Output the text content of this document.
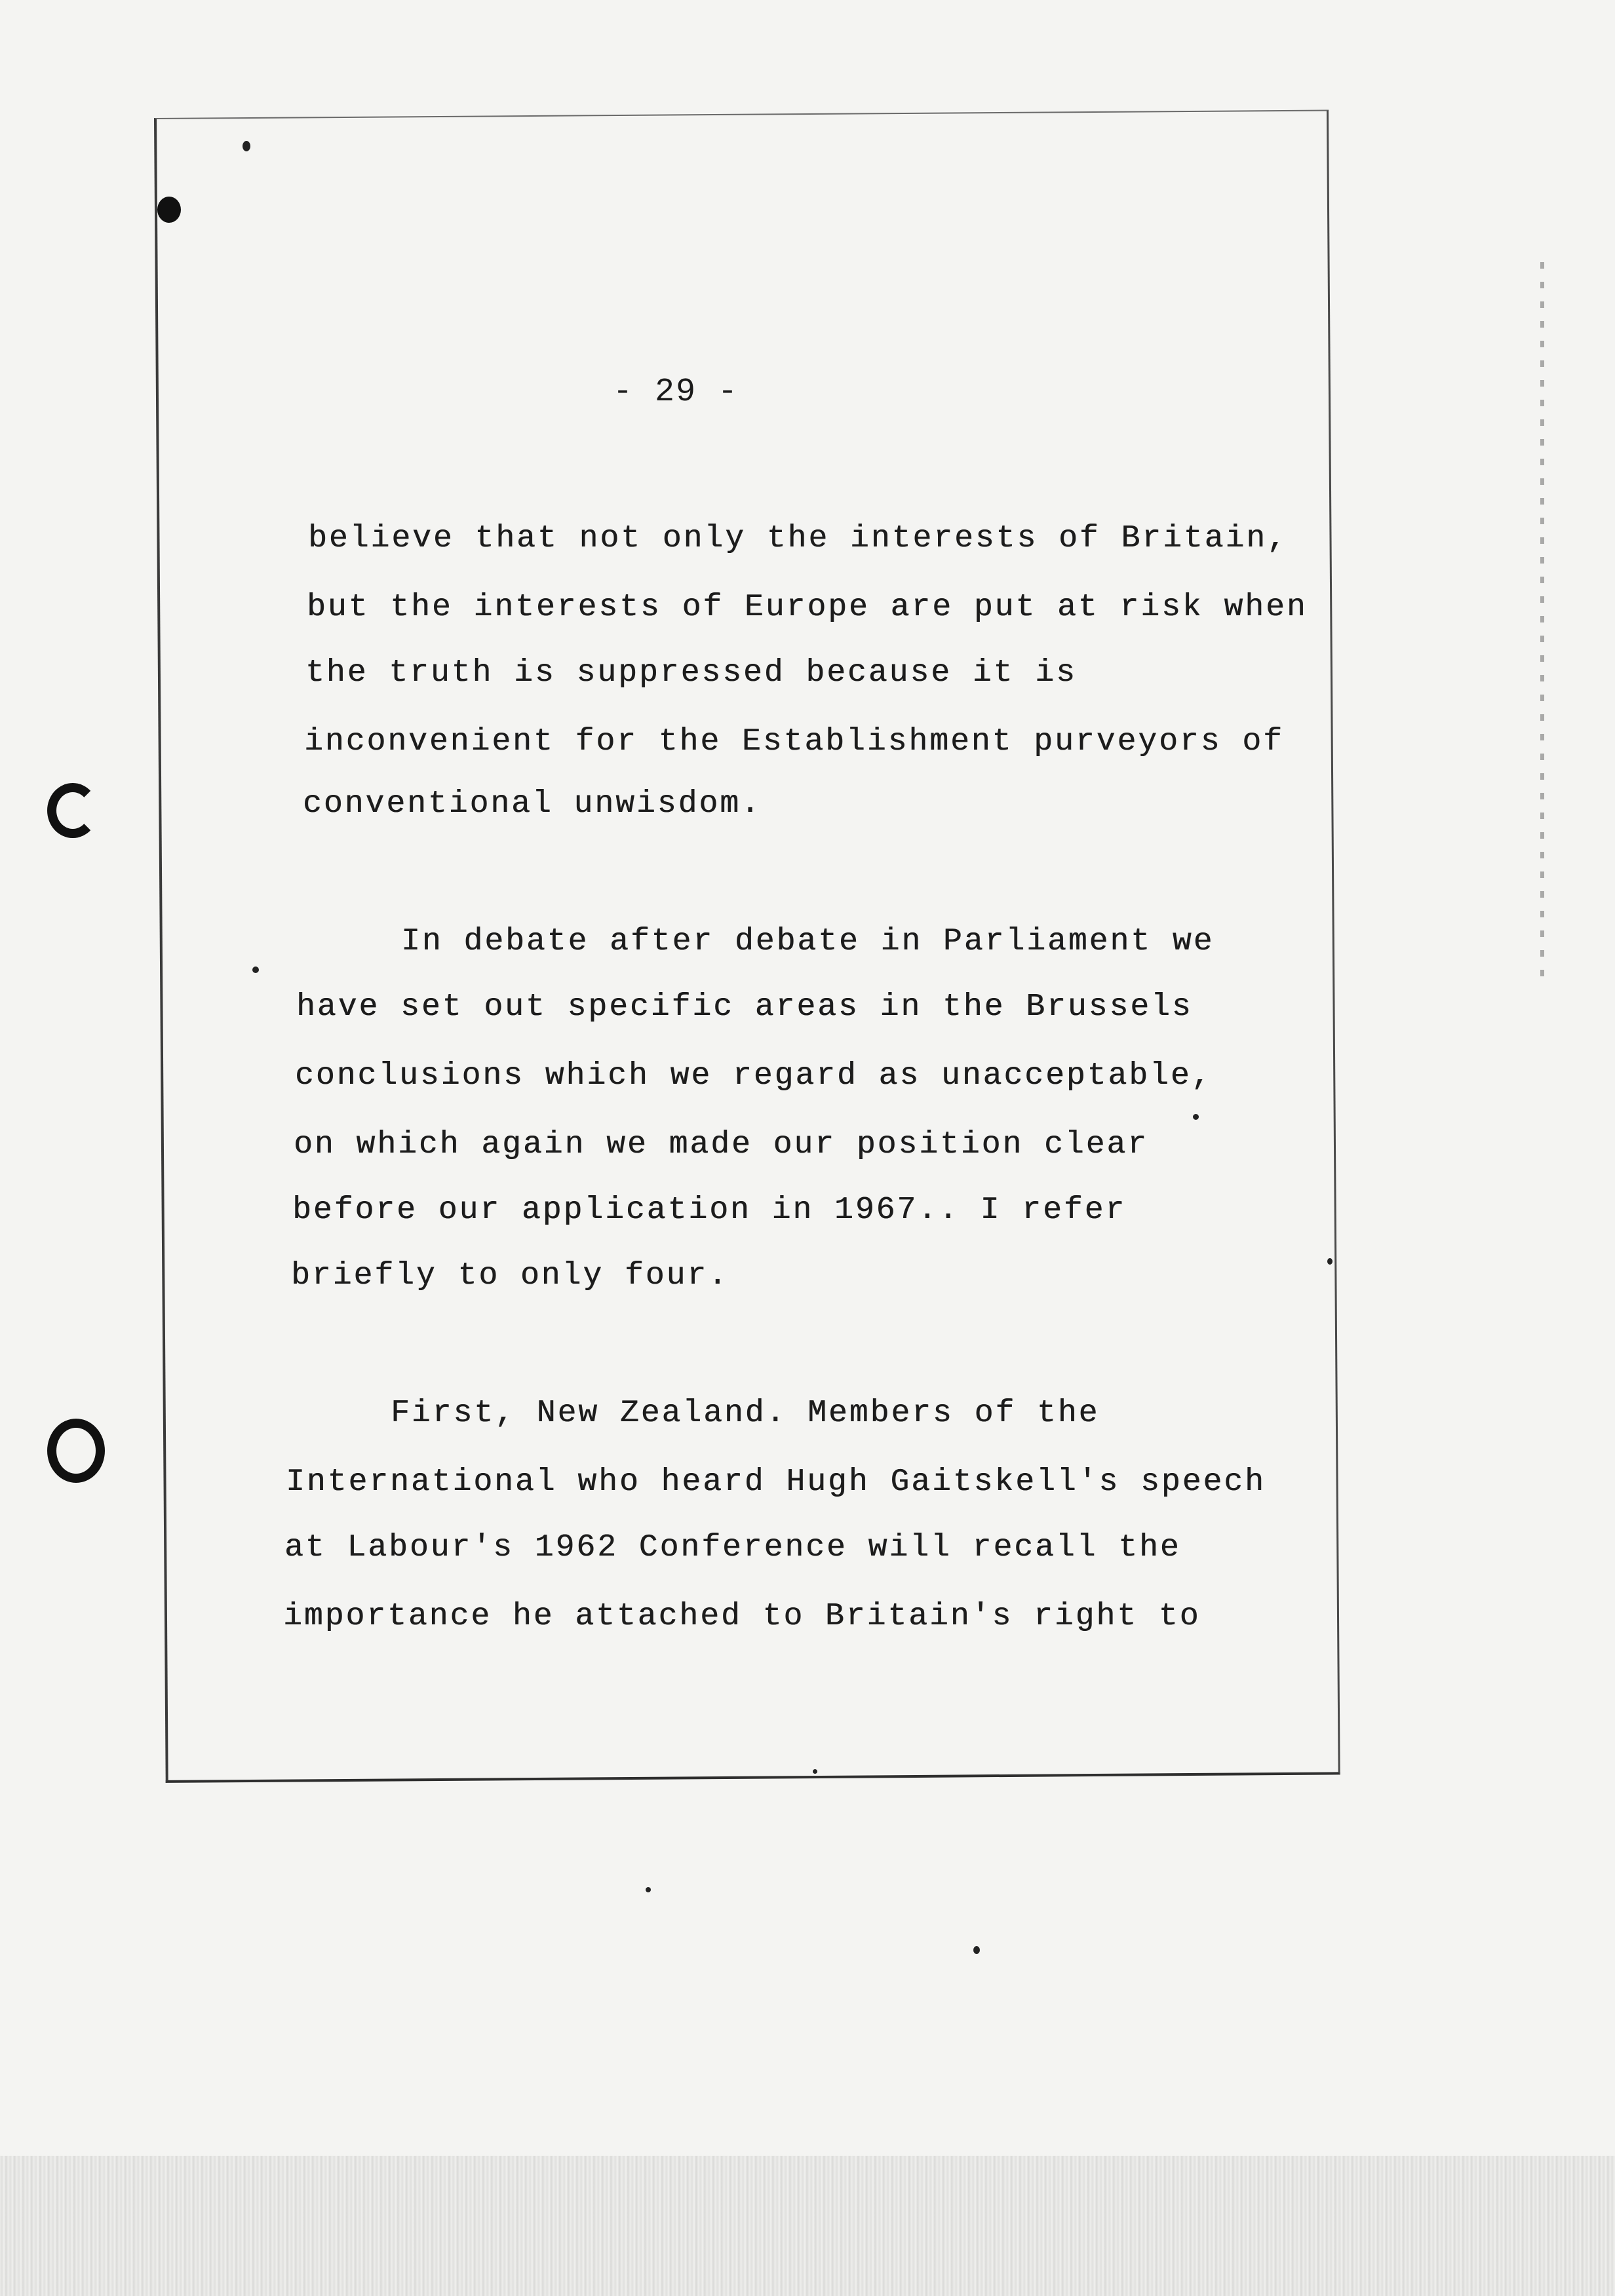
- 29 -
believe that not only the interests of Britain,
but the interests of Europe are put at risk when
the truth is suppressed because it is
inconvenient for the Establishment purveyors of
conventional unwisdom.
In debate after debate in Parliament we
have set out specific areas in the Brussels
conclusions which we regard as unacceptable,
on which again we made our position clear
before our application in 1967.. I refer
briefly to only four.
First, New Zealand. Members of the
International who heard Hugh Gaitskell's speech
at Labour's 1962 Conference will recall the
importance he attached to Britain's right to
